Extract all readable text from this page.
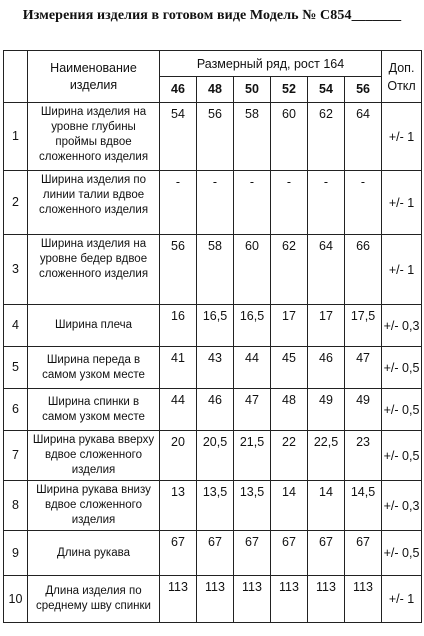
Измерения изделия в готовом виде Модель № С854_______
	Наименование изделия	Размерный ряд, рост 164						Доп. Откл
		46	48	50	52	54	56	
1	Ширина изделия на уровне глубины проймы вдвое сложенного изделия	54	56	58	60	62	64	+/- 1
2	Ширина изделия по линии талии вдвое сложенного изделия	-	-	-	-	-	-	+/- 1
3	Ширина изделия на уровне бедер вдвое сложенного изделия	56	58	60	62	64	66	+/- 1
4	Ширина плеча	16	16,5	16,5	17	17	17,5	+/- 0,3
5	Ширина переда в самом узком месте	41	43	44	45	46	47	+/- 0,5
6	Ширина спинки в самом узком месте	44	46	47	48	49	49	+/- 0,5
7	Ширина рукава вверху вдвое сложенного изделия	20	20,5	21,5	22	22,5	23	+/- 0,5
8	Ширина рукава внизу вдвое сложенного изделия	13	13,5	13,5	14	14	14,5	+/- 0,3
9	Длина рукава	67	67	67	67	67	67	+/- 0,5
10	Длина изделия по среднему шву спинки	113	113	113	113	113	113	+/- 1
